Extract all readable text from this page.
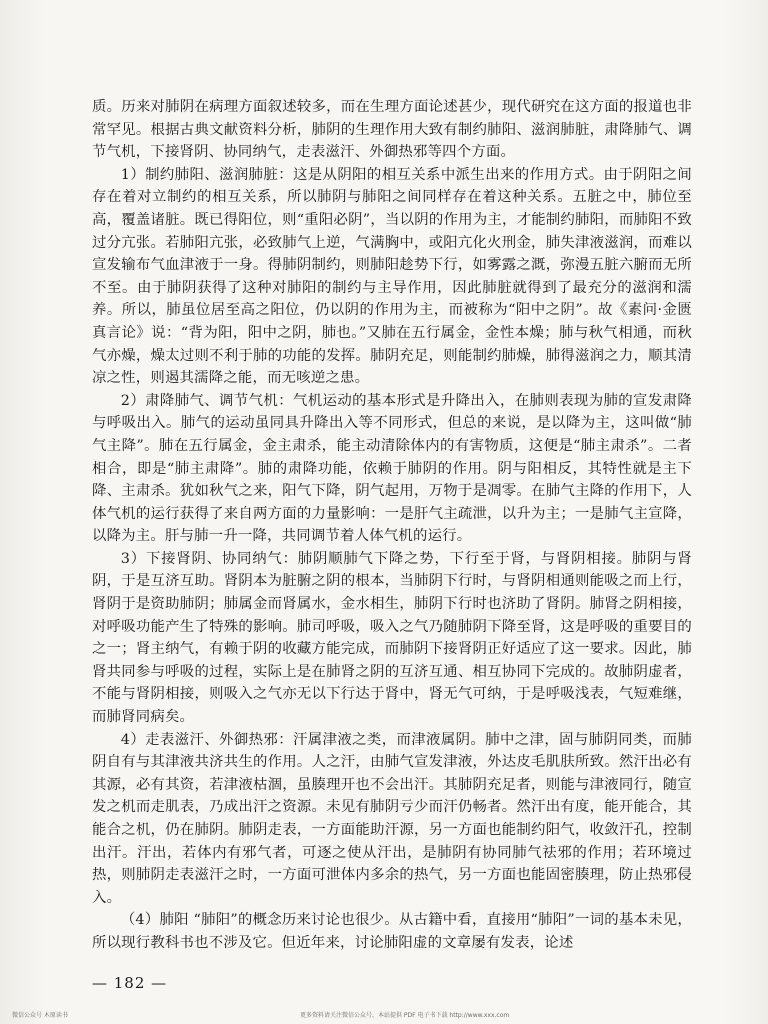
质。历来对肺阴在病理方面叙述较多，而在生理方面论述甚少，现代研究在这方面的报道也非常罕见。根据古典文献资料分析，肺阴的生理作用大致有制约肺阳、滋润肺脏，肃降肺气、调节气机，下接肾阴、协同纳气，走表滋汗、外御热邪等四个方面。

1）制约肺阳、滋润肺脏：这是从阴阳的相互关系中派生出来的作用方式。由于阴阳之间存在着对立制约的相互关系，所以肺阴与肺阳之间同样存在着这种关系。五脏之中，肺位至高，覆盖诸脏。既已得阳位，则“重阳必阴”，当以阴的作用为主，才能制约肺阳，而肺阳不致过分亢张。若肺阳亢张，必致肺气上逆，气满胸中，或阳亢化火刑金，肺失津液滋润，而难以宣发输布气血津液于一身。得肺阴制约，则肺阳趁势下行，如雾露之溉，弥漫五脏六腑而无所不至。由于肺阴获得了这种对肺阳的制约与主导作用，因此肺脏就得到了最充分的滋润和濡养。所以，肺虽位居至高之阳位，仍以阴的作用为主，而被称为“阳中之阴”。故《素问·金匮真言论》说：“背为阳，阳中之阴，肺也。”又肺在五行属金，金性本燥；肺与秋气相通，而秋气亦燥，燥太过则不利于肺的功能的发挥。肺阴充足，则能制约肺燥，肺得滋润之力，顺其清凉之性，则遏其濡降之能，而无咳逆之患。

2）肃降肺气、调节气机：气机运动的基本形式是升降出入，在肺则表现为肺的宣发肃降与呼吸出入。肺气的运动虽同具升降出入等不同形式，但总的来说，是以降为主，这叫做“肺气主降”。肺在五行属金，金主肃杀，能主动清除体内的有害物质，这便是“肺主肃杀”。二者相合，即是“肺主肃降”。肺的肃降功能，依赖于肺阴的作用。阴与阳相反，其特性就是主下降、主肃杀。犹如秋气之来，阳气下降，阴气起用，万物于是凋零。在肺气主降的作用下，人体气机的运行获得了来自两方面的力量影响：一是肝气主疏泄，以升为主；一是肺气主宣降，以降为主。肝与肺一升一降，共同调节着人体气机的运行。

3）下接肾阴、协同纳气：肺阴顺肺气下降之势，下行至于肾，与肾阴相接。肺阴与肾阴，于是互济互助。肾阴本为脏腑之阴的根本，当肺阴下行时，与肾阴相通则能吸之而上行，肾阴于是资助肺阴；肺属金而肾属水，金水相生，肺阴下行时也济助了肾阴。肺肾之阴相接，对呼吸功能产生了特殊的影响。肺司呼吸，吸入之气乃随肺阴下降至肾，这是呼吸的重要目的之一；肾主纳气，有赖于阴的收藏方能完成，而肺阴下接肾阴正好适应了这一要求。因此，肺肾共同参与呼吸的过程，实际上是在肺肾之阴的互济互通、相互协同下完成的。故肺阴虚者，不能与肾阴相接，则吸入之气亦无以下行达于肾中，肾无气可纳，于是呼吸浅表，气短难继，而肺肾同病矣。

4）走表滋汗、外御热邪：汗属津液之类，而津液属阴。肺中之津，固与肺阴同类，而肺阴自有与其津液共济共生的作用。人之汗，由肺气宣发津液，外达皮毛肌肤所致。然汗出必有其源，必有其资，若津液枯涸，虽腠理开也不会出汗。其肺阴充足者，则能与津液同行，随宣发之机而走肌表，乃成出汗之资源。未见有肺阴亏少而汗仍畅者。然汗出有度，能开能合，其能合之机，仍在肺阴。肺阴走表，一方面能助汗源，另一方面也能制约阳气，收敛汗孔，控制出汗。汗出，若体内有邪气者，可逐之使从汗出，是肺阴有协同肺气祛邪的作用；若环境过热，则肺阴走表滋汗之时，一方面可泄体内多余的热气，另一方面也能固密腠理，防止热邪侵入。

（4）肺阳 “肺阳”的概念历来讨论也很少。从古籍中看，直接用“肺阳”一词的基本未见，所以现行教科书也不涉及它。但近年来，讨论肺阳虚的文章屡有发表，论述

— 182 —
微信公众号 木原读书	更多资料请关注微信公众号，本站提供 PDF 电子书下载 http://www.xxx.com
